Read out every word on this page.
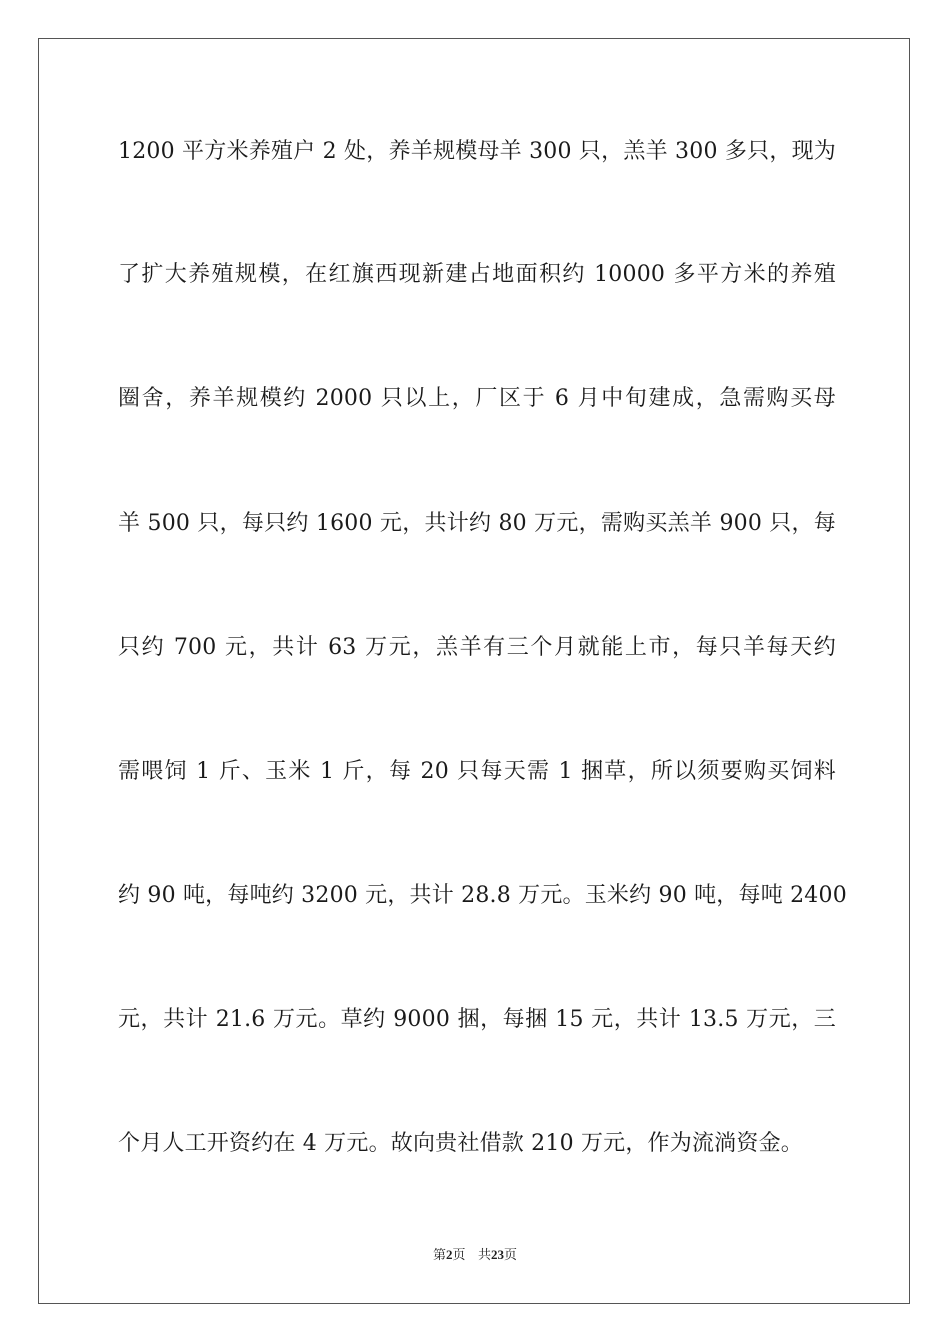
1200 平方米养殖户 2 处，养羊规模母羊 300 只，羔羊 300 多只，现为
了扩大养殖规模，在红旗西现新建占地面积约 10000 多平方米的养殖
圈舍，养羊规模约 2000 只以上，厂区于 6 月中旬建成，急需购买母
羊 500 只，每只约 1600 元，共计约 80 万元，需购买羔羊 900 只，每
只约 700 元，共计 63 万元，羔羊有三个月就能上市，每只羊每天约
需喂饲 1 斤、玉米 1 斤，每 20 只每天需 1 捆草，所以须要购买饲料
约 90 吨，每吨约 3200 元，共计 28.8 万元。玉米约 90 吨，每吨 2400
元，共计 21.6 万元。草约 9000 捆，每捆 15 元，共计 13.5 万元，三
个月人工开资约在 4 万元。故向贵社借款 210 万元，作为流淌资金。
第2页 共23页
